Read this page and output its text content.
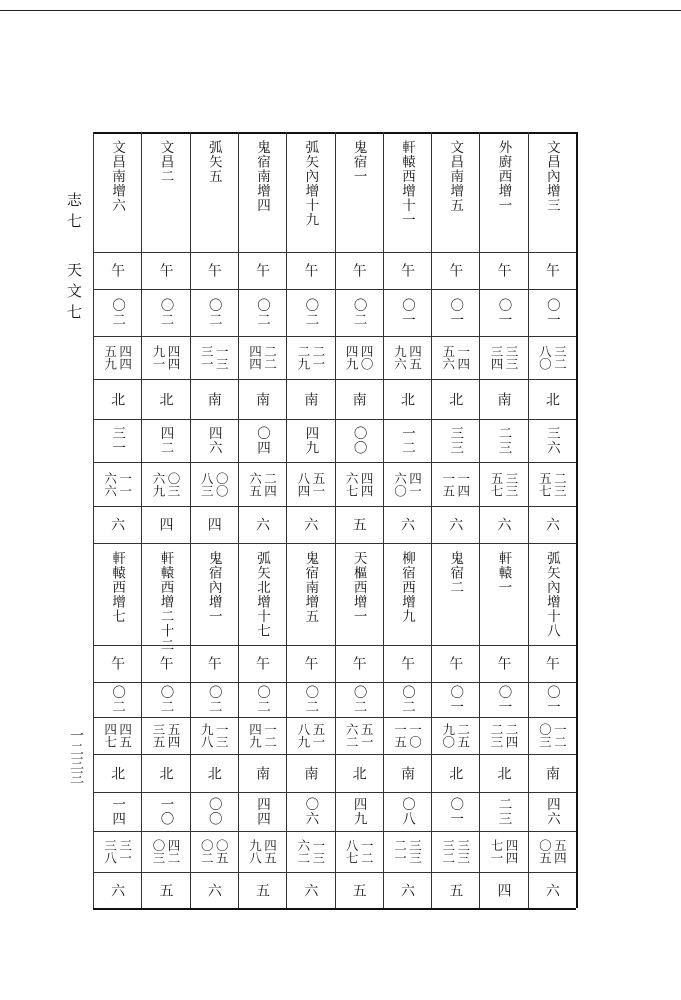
志七
天文七
一二三三
文昌內增三
外廚西增一
文昌南增五
軒轅西增十一
鬼宿一
弧矢內增十九
鬼宿南增四
弧矢五
文昌二
文昌南增六
午
午
午
午
午
午
午
午
午
午
〇一
〇一
〇一
〇一
〇二
〇二
〇二
〇二
〇二
〇二
三二
八〇
三三
三四
一四
五六
四五
九六
四〇
四九
二一
二九
二二
四四
一三
三一
四四
九一
四四
五九
北
南
北
北
南
南
南
南
北
北
三六
二三
三三
一二
〇〇
四九
〇四
四六
四二
三一
二三
五七
三三
五七
一四
一五
四一
六〇
四四
六七
五一
八四
二四
六五
〇〇
八三
〇三
六九
一一
六六
六
六
六
六
五
六
六
四
四
六
弧矢內增十八
軒轅一
鬼宿二
柳宿西增九
天樞西增一
鬼宿南增五
弧矢北增十七
鬼宿內增一
軒轅西增二十二
軒轅西增七
午
午
午
午
午
午
午
午
午
午
〇一
〇一
〇一
〇二
〇二
〇二
〇二
〇二
〇二
〇二
一二
〇三
二四
二三
二五
九〇
一〇
一五
五一
六二
五一
八九
一二
四九
一三
九八
五四
三五
四五
四七
南
北
北
南
北
南
南
北
北
北
四六
二三
〇一
〇八
四九
〇六
四四
〇〇
一〇
一四
五四
〇五
四四
七一
三三
三二
三三
二一
一二
八七
一三
六二
四五
九八
〇五
〇二
四二
〇三
三一
三八
六
四
五
六
五
六
五
六
五
六
